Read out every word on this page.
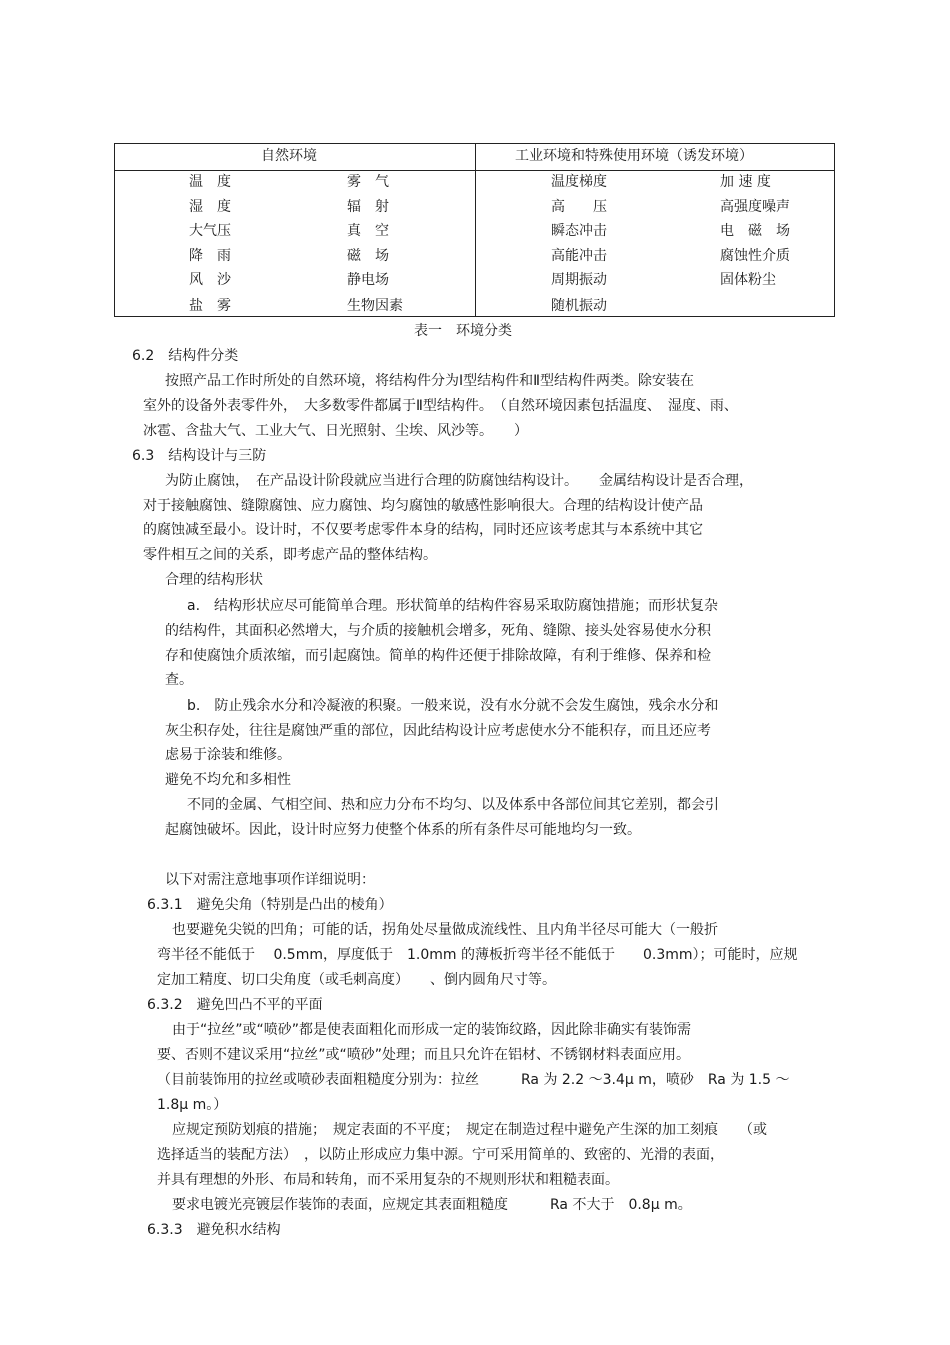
自然环境	工业环境和特殊使用环境（诱发环境）
温　度	雾　气	温度梯度	加 速 度
湿　度	辐　射	高　　压	高强度噪声
大气压	真　空	瞬态冲击	电　磁　场
降　雨	磁　场	高能冲击	腐蚀性介质
风　沙	静电场	周期振动	固体粉尘
盐　雾	生物因素	随机振动
表一　环境分类
6.2　结构件分类
按照产品工作时所处的自然环境，将结构件分为Ⅰ型结构件和Ⅱ型结构件两类。除安装在
室外的设备外表零件外，　大多数零件都属于Ⅱ型结构件。　（自然环境因素包括温度、　湿度、雨、
冰雹、含盐大气、工业大气、日光照射、尘埃、风沙等。　　）
6.3　结构设计与三防
为防止腐蚀，　在产品设计阶段就应当进行合理的防腐蚀结构设计。　　金属结构设计是否合理，
对于接触腐蚀、缝隙腐蚀、应力腐蚀、均匀腐蚀的敏感性影响很大。合理的结构设计使产品
的腐蚀减至最小。设计时，不仅要考虑零件本身的结构，同时还应该考虑其与本系统中其它
零件相互之间的关系，即考虑产品的整体结构。
合理的结构形状
a.　结构形状应尽可能简单合理。形状简单的结构件容易采取防腐蚀措施；而形状复杂
的结构件，其面积必然增大，与介质的接触机会增多，死角、缝隙、接头处容易使水分积
存和使腐蚀介质浓缩，而引起腐蚀。简单的构件还便于排除故障，有利于维修、保养和检
查。
b.　防止残余水分和冷凝液的积聚。一般来说，没有水分就不会发生腐蚀，残余水分和
灰尘积存处，往往是腐蚀严重的部位，因此结构设计应考虑使水分不能积存，而且还应考
虑易于涂装和维修。
避免不均允和多相性
不同的金属、气相空间、热和应力分布不均匀、以及体系中各部位间其它差别，都会引
起腐蚀破坏。因此，设计时应努力使整个体系的所有条件尽可能地均匀一致。
以下对需注意地事项作详细说明：
6.3.1　避免尖角（特别是凸出的棱角）
也要避免尖锐的凹角；可能的话，拐角处尽量做成流线性、且内角半径尽可能大（一般折
弯半径不能低于　 0.5mm，厚度低于　1.0mm 的薄板折弯半径不能低于　　0.3mm）；可能时，应规
定加工精度、切口尖角度（或毛刺高度）　　、倒内圆角尺寸等。
6.3.2　避免凹凸不平的平面
由于“拉丝”或“喷砂”都是使表面粗化而形成一定的装饰纹路，因此除非确实有装饰需
要、否则不建议采用“拉丝”或“喷砂”处理；而且只允许在铝材、不锈钢材料表面应用。
（目前装饰用的拉丝或喷砂表面粗糙度分别为：拉丝　　　Ra 为 2.2 ～3.4μ m，喷砂　Ra 为 1.5 ～
1.8μ m。）
应规定预防划痕的措施；　规定表面的不平度；　规定在制造过程中避免产生深的加工刻痕　　（或
选择适当的装配方法）　，以防止形成应力集中源。宁可采用简单的、致密的、光滑的表面，
并具有理想的外形、布局和转角，而不采用复杂的不规则形状和粗糙表面。
要求电镀光亮镀层作装饰的表面，应规定其表面粗糙度　　　Ra 不大于　0.8μ m。
6.3.3　避免积水结构
